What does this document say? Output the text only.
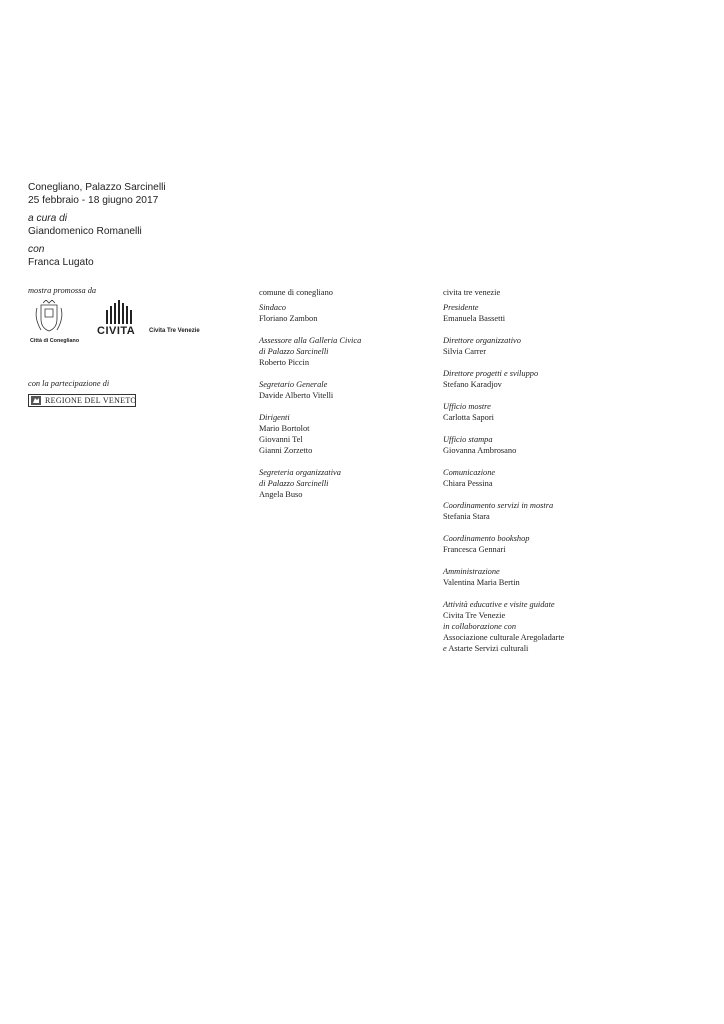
Conegliano, Palazzo Sarcinelli
25 febbraio - 18 giugno 2017
a cura di
Giandomenico Romanelli
con
Franca Lugato
mostra promossa da
Città di Conegliano
CIVITA Civita Tre Venezie
con la partecipazione di
REGIONE DEL VENETO
comune di conegliano
Sindaco
Floriano Zambon
Assessore alla Galleria Civica
di Palazzo Sarcinelli
Roberto Piccin
Segretario Generale
Davide Alberto Vitelli
Dirigenti
Mario Bortolot
Giovanni Tel
Gianni Zorzetto
Segreteria organizzativa
di Palazzo Sarcinelli
Angela Buso
civita tre venezie
Presidente
Emanuela Bassetti
Direttore organizzativo
Silvia Carrer
Direttore progetti e sviluppo
Stefano Karadjov
Ufficio mostre
Carlotta Sapori
Ufficio stampa
Giovanna Ambrosano
Comunicazione
Chiara Pessina
Coordinamento servizi in mostra
Stefania Stara
Coordinamento bookshop
Francesca Gennari
Amministrazione
Valentina Maria Bertin
Attività educative e visite guidate
Civita Tre Venezie
in collaborazione con
Associazione culturale Aregoladarte
e Astarte Servizi culturali
